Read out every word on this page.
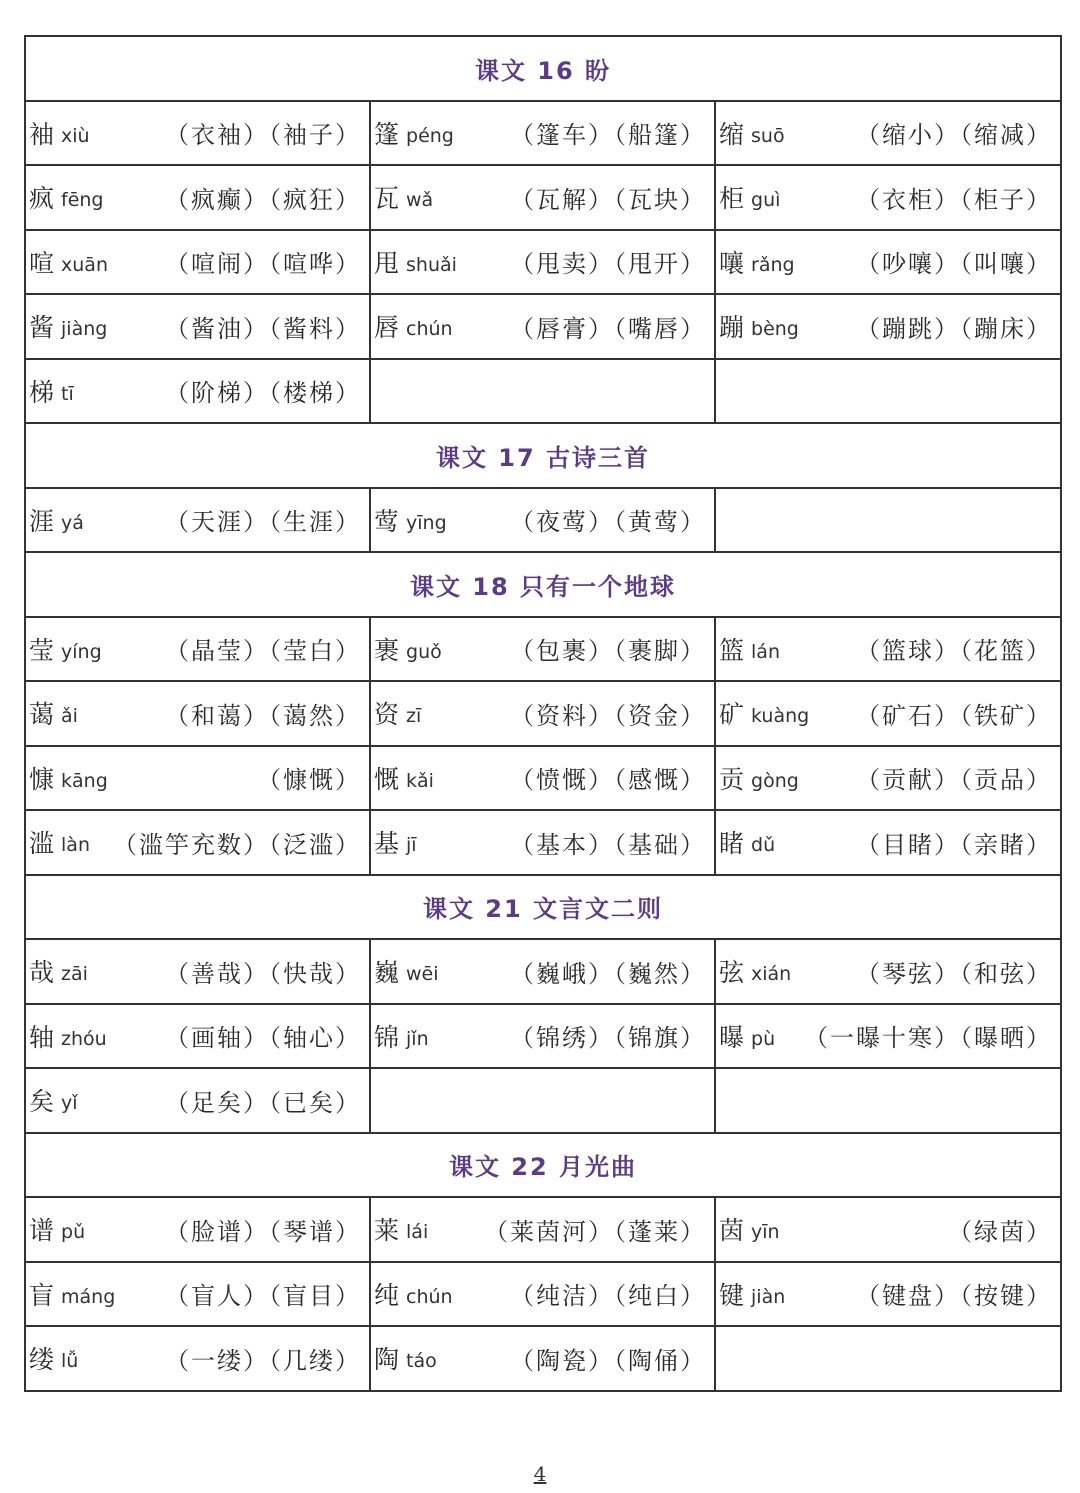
课文 16 盼		

袖 xiù （衣袖）（袖子）	篷 péng （篷车）（船篷）	缩 suō （缩小）（缩减）

疯 fēng （疯癫）（疯狂）	瓦 wǎ （瓦解）（瓦块）	柜 guì （衣柜）（柜子）

喧 xuān （喧闹）（喧哗）	甩 shuǎi （甩卖）（甩开）	嚷 rǎng （吵嚷）（叫嚷）

酱 jiàng （酱油）（酱料）	唇 chún （唇膏）（嘴唇）	蹦 bèng （蹦跳）（蹦床）

梯 tī （阶梯）（楼梯）		

课文 17 古诗三首		

涯 yá （天涯）（生涯）	莺 yīng （夜莺）（黄莺）	

课文 18 只有一个地球		

莹 yíng （晶莹）（莹白）	裹 guǒ （包裹）（裹脚）	篮 lán （篮球）（花篮）

蔼 ǎi （和蔼）（蔼然）	资 zī （资料）（资金）	矿 kuàng （矿石）（铁矿）

慷 kāng （慷慨）	慨 kǎi （愤慨）（感慨）	贡 gòng （贡献）（贡品）

滥 làn （滥竽充数）（泛滥）	基 jī （基本）（基础）	睹 dǔ （目睹）（亲睹）

课文 21 文言文二则		

哉 zāi （善哉）（快哉）	巍 wēi （巍峨）（巍然）	弦 xián （琴弦）（和弦）

轴 zhóu （画轴）（轴心）	锦 jǐn （锦绣）（锦旗）	曝 pù （一曝十寒）（曝晒）

矣 yǐ （足矣）（已矣）		

课文 22 月光曲		

谱 pǔ （脸谱）（琴谱）	莱 lái （莱茵河）（蓬莱）	茵 yīn （绿茵）

盲 máng （盲人）（盲目）	纯 chún （纯洁）（纯白）	键 jiàn （键盘）（按键）

缕 lǚ （一缕）（几缕）	陶 táo （陶瓷）（陶俑）	

4
